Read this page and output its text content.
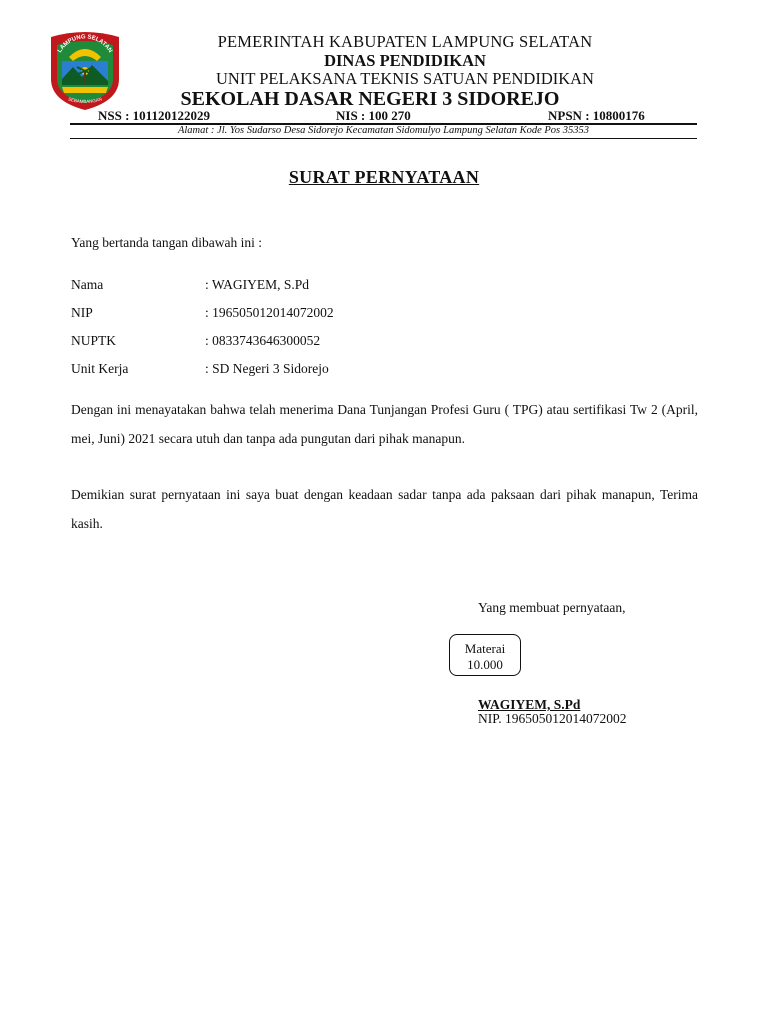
LAMPUNG SELATAN
SEBAMBANGAN
PEMERINTAH KABUPATEN LAMPUNG SELATAN
DINAS PENDIDIKAN
UNIT PELAKSANA TEKNIS SATUAN PENDIDIKAN
SEKOLAH DASAR NEGERI 3 SIDOREJO
NSS : 101120122029	NIS : 100 270	NPSN : 10800176
Alamat : Jl. Yos Sudarso Desa Sidorejo Kecamatan Sidomulyo Lampung Selatan Kode Pos 35353
SURAT PERNYATAAN
Yang bertanda tangan dibawah ini :
Nama	: WAGIYEM, S.Pd
NIP	: 196505012014072002
NUPTK	: 0833743646300052
Unit Kerja	: SD Negeri 3 Sidorejo
Dengan ini menayatakan bahwa telah menerima Dana Tunjangan Profesi Guru ( TPG) atau sertifikasi Tw 2 (April, mei, Juni) 2021 secara utuh dan tanpa ada pungutan dari pihak manapun.
Demikian surat pernyataan ini saya buat dengan keadaan sadar tanpa ada paksaan dari pihak manapun, Terima kasih.
Yang membuat pernyataan,
Materai
10.000
WAGIYEM, S.Pd
NIP. 196505012014072002
